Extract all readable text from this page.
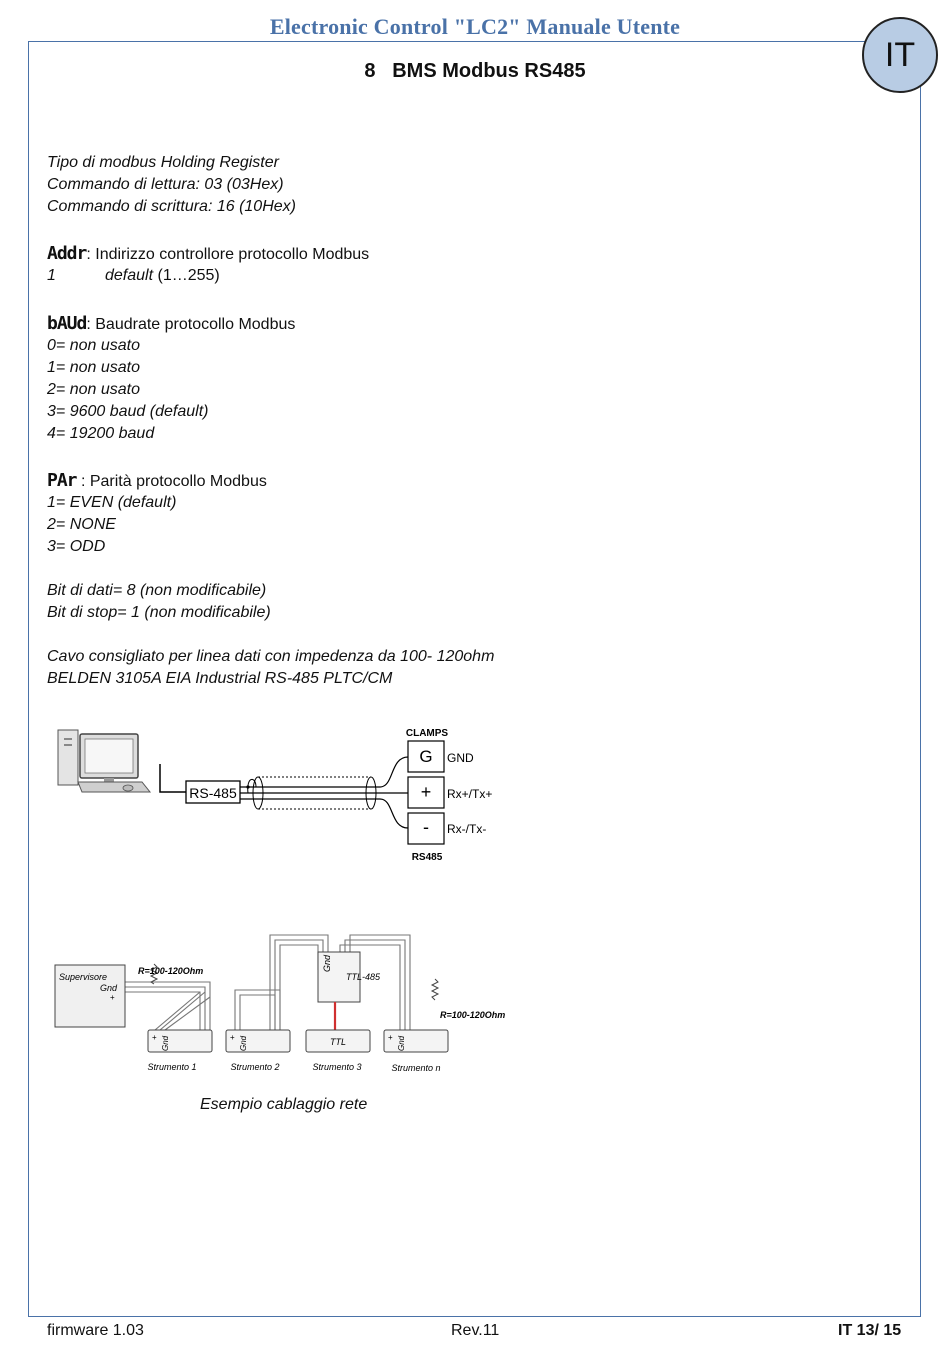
Electronic Control "LC2" Manuale Utente
IT
8 BMS Modbus RS485
Tipo di modbus Holding Register
Commando di lettura: 03 (03Hex)
Commando di scrittura: 16 (10Hex)
Addr: Indirizzo controllore protocollo Modbus
1	default (1…255)
bAUd: Baudrate protocollo Modbus
0= non usato
1= non usato
2= non usato
3= 9600 baud (default)
4= 19200 baud
PAr : Parità protocollo Modbus
1= EVEN (default)
2= NONE
3= ODD
Bit di dati= 8 (non modificabile)
Bit di stop= 1 (non modificabile)
Cavo consigliato per linea dati con impedenza da 100- 120ohm
BELDEN 3105A EIA Industrial RS-485 PLTC/CM
RS-485
CLAMPS
G
+
-
GND
Rx+/Tx+
Rx-/Tx-
RS485
Supervisore
Gnd
+
R=100-120Ohm	Gnd
TTL-485
R=100-120Ohm
+ Gnd	+ Gnd	TTL	+ Gnd
Strumento 1	Strumento 2	Strumento 3	Strumento n
Esempio cablaggio rete
firmware 1.03	Rev.11	IT 13/ 15
